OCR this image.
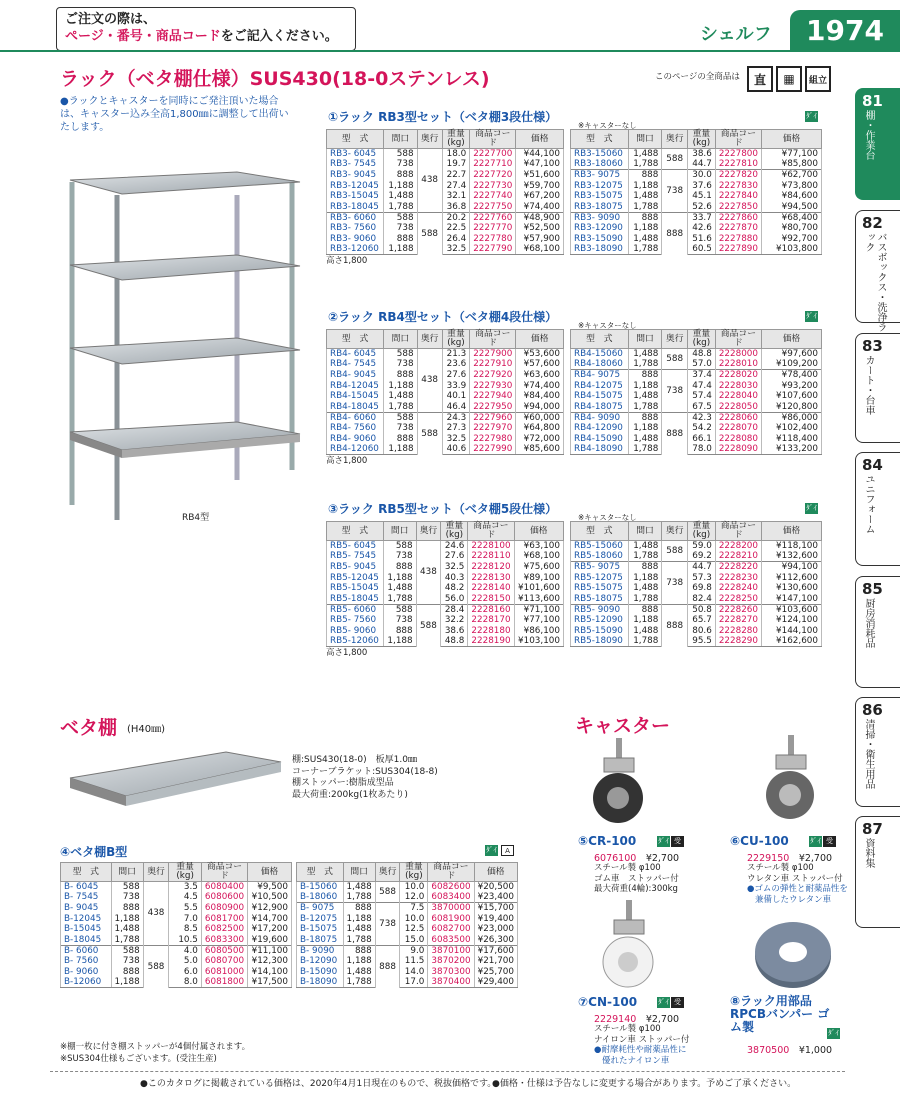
ご注文の際は、
ページ・番号・商品コードをご記入ください。	シェルフ	1974
ラック（ベタ棚仕様）SUS430(18-0ステンレス)	このページの全商品は	直	▦	組立
81
棚・作業台
82
バスボックス・洗浄ラック
83
カート・台車
84
ユニフォーム
85
厨房消耗品
86
清掃・衛生用品
87
資料集
●ラックとキャスターを同時にご発注頂いた場合は、キャスター込み全高1,800㎜に調整して出荷いたします。
RB4型
①ラック RB3型セット（ベタ棚3段仕様）
※キャスターなし
ﾀﾞｲ
型　式	間口	奥行	重量(kg)	商品コード	価格
RB3- 6045	588	438	18.0	2227700	¥44,100
RB3- 7545	738		19.7	2227710	¥47,100
RB3- 9045	888		22.7	2227720	¥51,600
RB3-12045	1,188		27.4	2227730	¥59,700
RB3-15045	1,488		32.1	2227740	¥67,200
RB3-18045	1,788		36.8	2227750	¥74,400
RB3- 6060	588	588	20.2	2227760	¥48,900
RB3- 7560	738		22.5	2227770	¥52,500
RB3- 9060	888		26.4	2227780	¥57,900
RB3-12060	1,188		32.5	2227790	¥68,100
型　式	間口	奥行	重量(kg)	商品コード	価格
RB3-15060	1,488	588	38.6	2227800	¥77,100
RB3-18060	1,788		44.7	2227810	¥85,800
RB3- 9075	888	738	30.0	2227820	¥62,700
RB3-12075	1,188		37.6	2227830	¥73,800
RB3-15075	1,488		45.1	2227840	¥84,600
RB3-18075	1,788		52.6	2227850	¥94,500
RB3- 9090	888	888	33.7	2227860	¥68,400
RB3-12090	1,188		42.6	2227870	¥80,700
RB3-15090	1,488		51.6	2227880	¥92,700
RB3-18090	1,788		60.5	2227890	¥103,800
高さ1,800
②ラック RB4型セット（ベタ棚4段仕様）
※キャスターなし
ﾀﾞｲ
型　式	間口	奥行	重量(kg)	商品コード	価格
RB4- 6045	588	438	21.3	2227900	¥53,600
RB4- 7545	738		23.6	2227910	¥57,600
RB4- 9045	888		27.6	2227920	¥63,600
RB4-12045	1,188		33.9	2227930	¥74,400
RB4-15045	1,488		40.1	2227940	¥84,400
RB4-18045	1,788		46.4	2227950	¥94,000
RB4- 6060	588	588	24.3	2227960	¥60,000
RB4- 7560	738		27.3	2227970	¥64,800
RB4- 9060	888		32.5	2227980	¥72,000
RB4-12060	1,188		40.6	2227990	¥85,600
型　式	間口	奥行	重量(kg)	商品コード	価格
RB4-15060	1,488	588	48.8	2228000	¥97,600
RB4-18060	1,788		57.0	2228010	¥109,200
RB4- 9075	888	738	37.4	2228020	¥78,400
RB4-12075	1,188		47.4	2228030	¥93,200
RB4-15075	1,488		57.4	2228040	¥107,600
RB4-18075	1,788		67.5	2228050	¥120,800
RB4- 9090	888	888	42.3	2228060	¥86,000
RB4-12090	1,188		54.2	2228070	¥102,400
RB4-15090	1,488		66.1	2228080	¥118,400
RB4-18090	1,788		78.0	2228090	¥133,200
高さ1,800
③ラック RB5型セット（ベタ棚5段仕様）
※キャスターなし
ﾀﾞｲ
型　式	間口	奥行	重量(kg)	商品コード	価格
RB5- 6045	588	438	24.6	2228100	¥63,100
RB5- 7545	738		27.6	2228110	¥68,100
RB5- 9045	888		32.5	2228120	¥75,600
RB5-12045	1,188		40.3	2228130	¥89,100
RB5-15045	1,488		48.2	2228140	¥101,600
RB5-18045	1,788		56.0	2228150	¥113,600
RB5- 6060	588	588	28.4	2228160	¥71,100
RB5- 7560	738		32.2	2228170	¥77,100
RB5- 9060	888		38.6	2228180	¥86,100
RB5-12060	1,188		48.8	2228190	¥103,100
型　式	間口	奥行	重量(kg)	商品コード	価格
RB5-15060	1,488	588	59.0	2228200	¥118,100
RB5-18060	1,788		69.2	2228210	¥132,600
RB5- 9075	888	738	44.7	2228220	¥94,100
RB5-12075	1,188		57.3	2228230	¥112,600
RB5-15075	1,488		69.8	2228240	¥130,600
RB5-18075	1,788		82.4	2228250	¥147,100
RB5- 9090	888	888	50.8	2228260	¥103,600
RB5-12090	1,188		65.7	2228270	¥124,100
RB5-15090	1,488		80.6	2228280	¥144,100
RB5-18090	1,788		95.5	2228290	¥162,600
高さ1,800
ベタ棚 (H40㎜)
棚:SUS430(18-0)　板厚1.0㎜
コーナーブラケット:SUS304(18-8)
棚ストッパー:樹脂成型品
最大荷重:200kg(1枚あたり)
④ベタ棚B型	ﾀﾞｲ	A
型　式	間口	奥行	重量(kg)	商品コード	価格
B- 6045	588	438	3.5	6080400	¥9,500
B- 7545	738		4.5	6080600	¥10,500
B- 9045	888		5.5	6080900	¥12,900
B-12045	1,188		7.0	6081700	¥14,700
B-15045	1,488		8.5	6082500	¥17,200
B-18045	1,788		10.5	6083300	¥19,600
B- 6060	588	588	4.0	6080500	¥11,100
B- 7560	738		5.0	6080700	¥12,300
B- 9060	888		6.0	6081000	¥14,100
B-12060	1,188		8.0	6081800	¥17,500
型　式	間口	奥行	重量(kg)	商品コード	価格
B-15060	1,488	588	10.0	6082600	¥20,500
B-18060	1,788		12.0	6083400	¥23,400
B- 9075	888	738	7.5	3870000	¥15,700
B-12075	1,188		10.0	6081900	¥19,400
B-15075	1,488		12.5	6082700	¥23,000
B-18075	1,788		15.0	6083500	¥26,300
B- 9090	888	888	9.0	3870100	¥17,600
B-12090	1,188		11.5	3870200	¥21,700
B-15090	1,488		14.0	3870300	¥25,700
B-18090	1,788		17.0	3870400	¥29,400
※棚一枚に付き棚ストッパーが4個付属されます。
※SUS304仕様もございます。(受注生産)
キャスター
⑤CR-100	ﾀﾞｲ 受
6076100　 ¥2,700
スチール製 φ100
ゴム車　ストッパー付
最大荷重(4輪):300kg
⑥CU-100	ﾀﾞｲ 受
2229150　 ¥2,700
スチール製 φ100
ウレタン車 ストッパー付
●ゴムの弾性と耐薬品性を
兼備したウレタン車
⑦CN-100	ﾀﾞｲ 受
2229140　 ¥2,700
スチール製 φ100
ナイロン車 ストッパー付
●耐摩耗性や耐薬品性に
優れたナイロン車
⑧ラック用部品 RPCBバンパー ゴム製	ﾀﾞｲ
3870500　 ¥1,000
●このカタログに掲載されている価格は、2020年4月1日現在のもので、税抜価格です。
●価格・仕様は予告なしに変更する場合があります。予めご了承ください。
